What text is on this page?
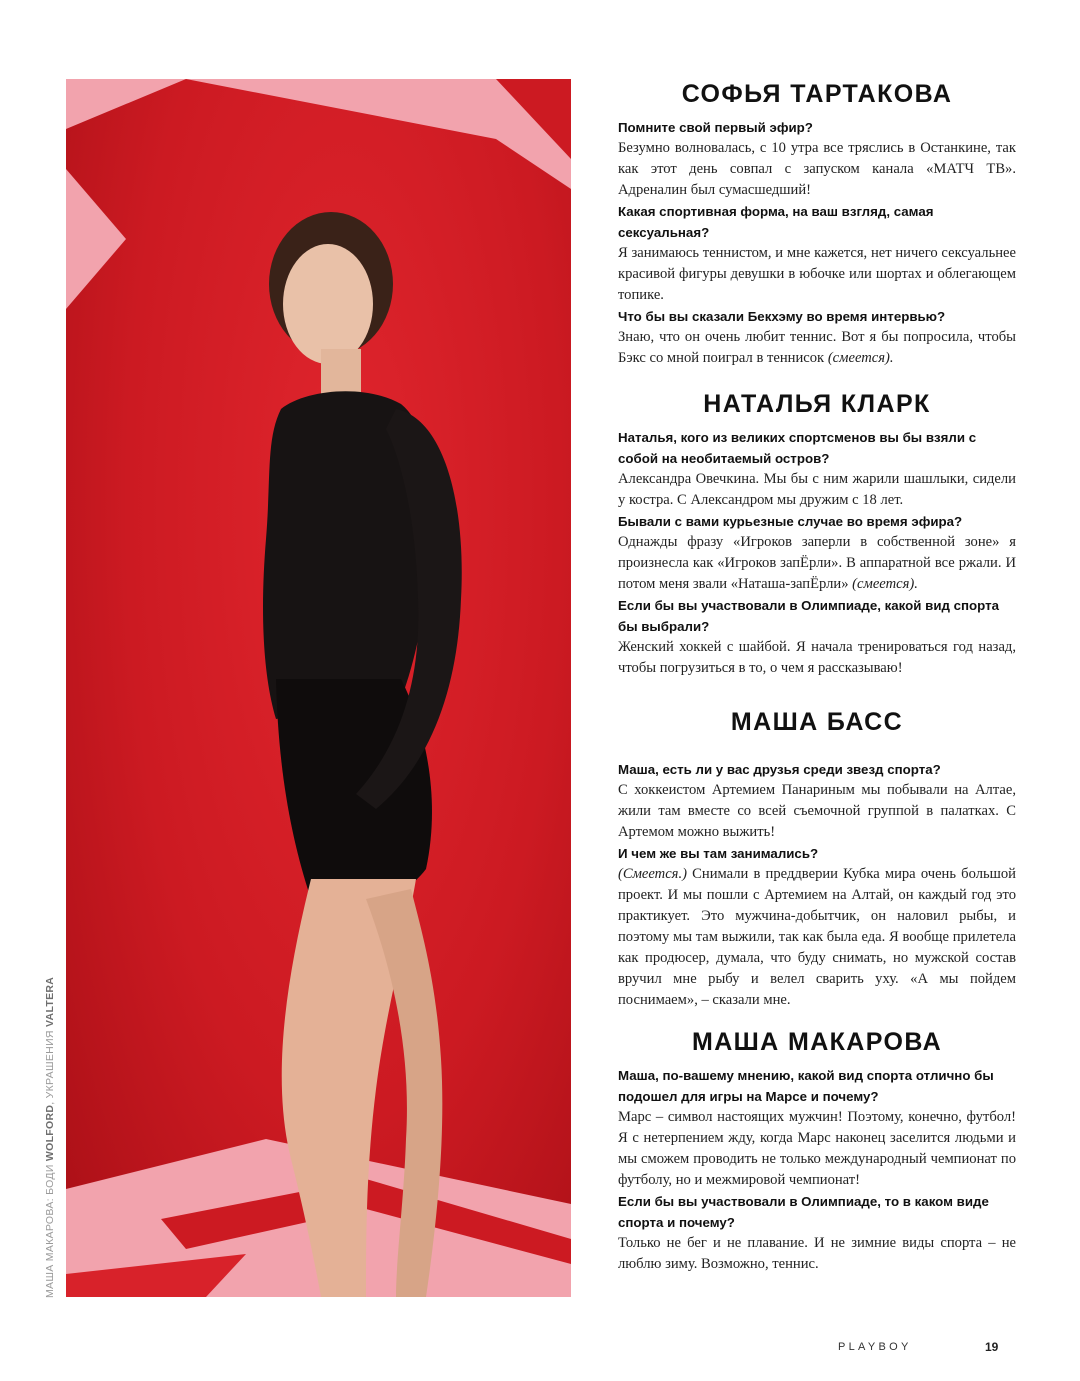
МАША МАКАРОВА: БОДИ WOLFORD, УКРАШЕНИЯ VALTERA
СОФЬЯ ТАРТАКОВА

Помните свой первый эфир?

Безумно волновалась, с 10 утра все тряслись в Останкине, так как этот день совпал с запуском канала «МАТЧ ТВ». Адреналин был сумасшедший!

Какая спортивная форма, на ваш взгляд, самая сексуальная?

Я занимаюсь теннистом, и мне кажется, нет ничего сексуальнее красивой фигуры девушки в юбочке или шортах и облегающем топике.

Что бы вы сказали Бекхэму во время интервью?

Знаю, что он очень любит теннис. Вот я бы попросила, чтобы Бэкс со мной поиграл в теннисок (смеется).

НАТАЛЬЯ КЛАРК

Наталья, кого из великих спортсменов вы бы взяли с собой на необитаемый остров?

Александра Овечкина. Мы бы с ним жарили шашлыки, сидели у костра. С Александром мы дружим с 18 лет.

Бывали с вами курьезные случае во время эфира?

Однажды фразу «Игроков заперли в собственной зоне» я произнесла как «Игроков запЁрли». В аппаратной все ржали. И потом меня звали «Наташа-запЁрли» (смеется).

Если бы вы участвовали в Олимпиаде, какой вид спорта бы выбрали?

Женский хоккей с шайбой. Я начала тренироваться год назад, чтобы погрузиться в то, о чем я рассказываю!

МАША БАСС

Маша, есть ли у вас друзья среди звезд спорта?

С хоккеистом Артемием Панариным мы побывали на Алтае, жили там вместе со всей съемочной группой в палатках. С Артемом можно выжить!

И чем же вы там занимались?

(Смеется.) Снимали в преддверии Кубка мира очень большой проект. И мы пошли с Артемием на Алтай, он каждый год это практикует. Это мужчина-добытчик, он наловил рыбы, и поэтому мы там выжили, так как была еда. Я вообще прилетела как продюсер, думала, что буду снимать, но мужской состав вручил мне рыбу и велел сварить уху. «А мы пойдем поснимаем», – сказали мне.

МАША МАКАРОВА

Маша, по-вашему мнению, какой вид спорта отлично бы подошел для игры на Марсе и почему?

Марс – символ настоящих мужчин! Поэтому, конечно, футбол! Я с нетерпением жду, когда Марс наконец заселится людьми и мы сможем проводить не только международный чемпионат по футболу, но и межмировой чемпионат!

Если бы вы участвовали в Олимпиаде, то в каком виде спорта и почему?

Только не бег и не плавание. И не зимние виды спорта – не люблю зиму. Возможно, теннис.

PLAYBOY	19
